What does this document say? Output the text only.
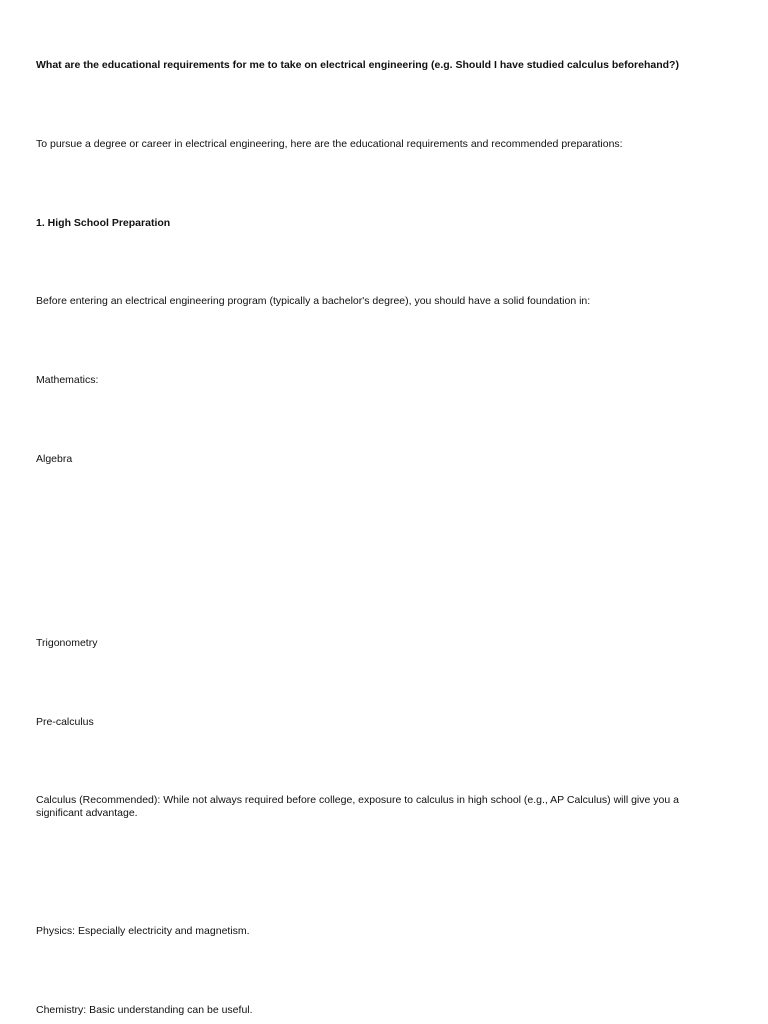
What are the educational requirements for me to take on electrical engineering (e.g. Should I have studied calculus beforehand?)

To pursue a degree or career in electrical engineering, here are the educational requirements and recommended preparations:

1. High School Preparation

Before entering an electrical engineering program (typically a bachelor's degree), you should have a solid foundation in:

Mathematics:

Algebra

Trigonometry

Pre-calculus

Calculus (Recommended): While not always required before college, exposure to calculus in high school (e.g., AP Calculus) will give you a significant advantage.

Physics: Especially electricity and magnetism.

Chemistry: Basic understanding can be useful.
